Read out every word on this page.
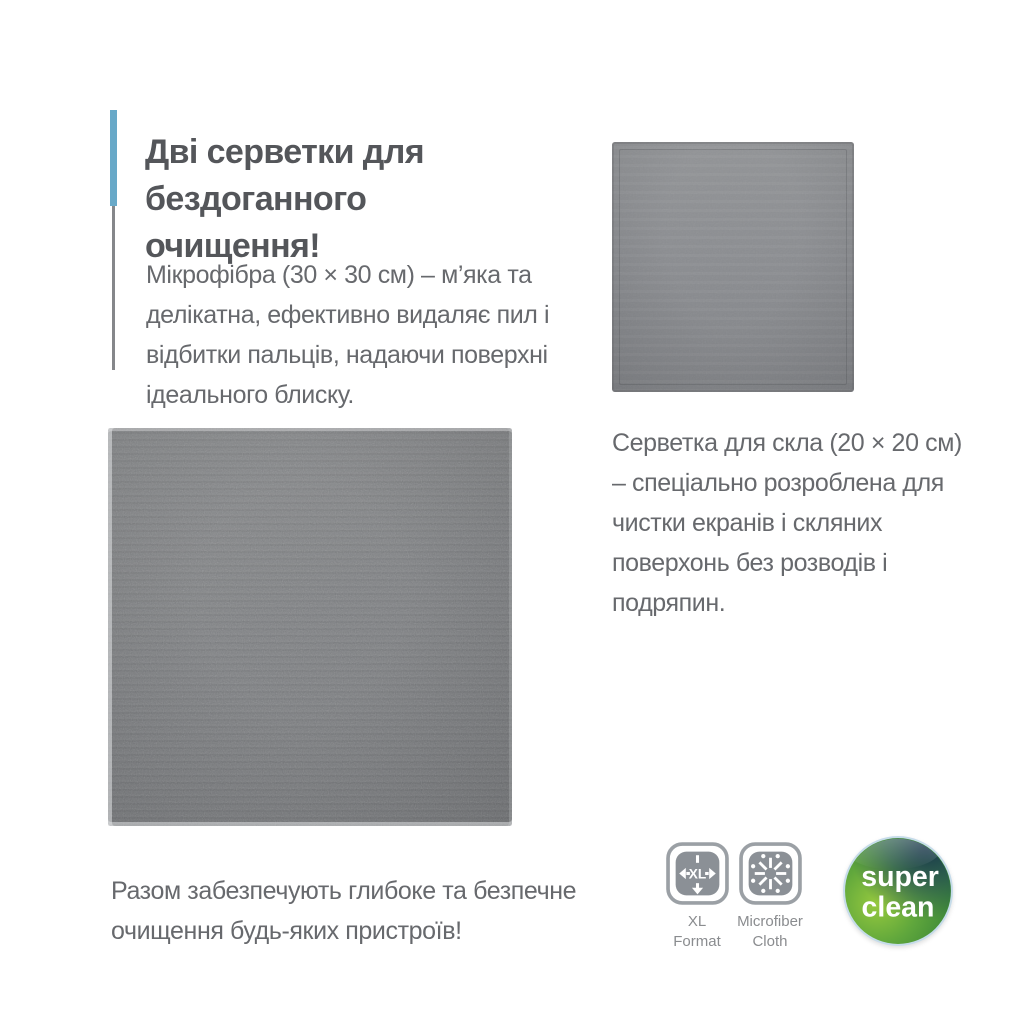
Дві серветки для
бездоганного
очищення!
Мікрофібра (30 × 30 см) – м’яка та
делікатна, ефективно видаляє пил і
відбитки пальців, надаючи поверхні
ідеального блиску.
Серветка для скла (20 × 20 см)
– спеціально розроблена для
чистки екранів і скляних
поверхонь без розводів і
подряпин.
Разом забезпечують глибоке та безпечне
очищення будь-яких пристроїв!
XL
XL
Format
Microfiber
Cloth
super
clean
